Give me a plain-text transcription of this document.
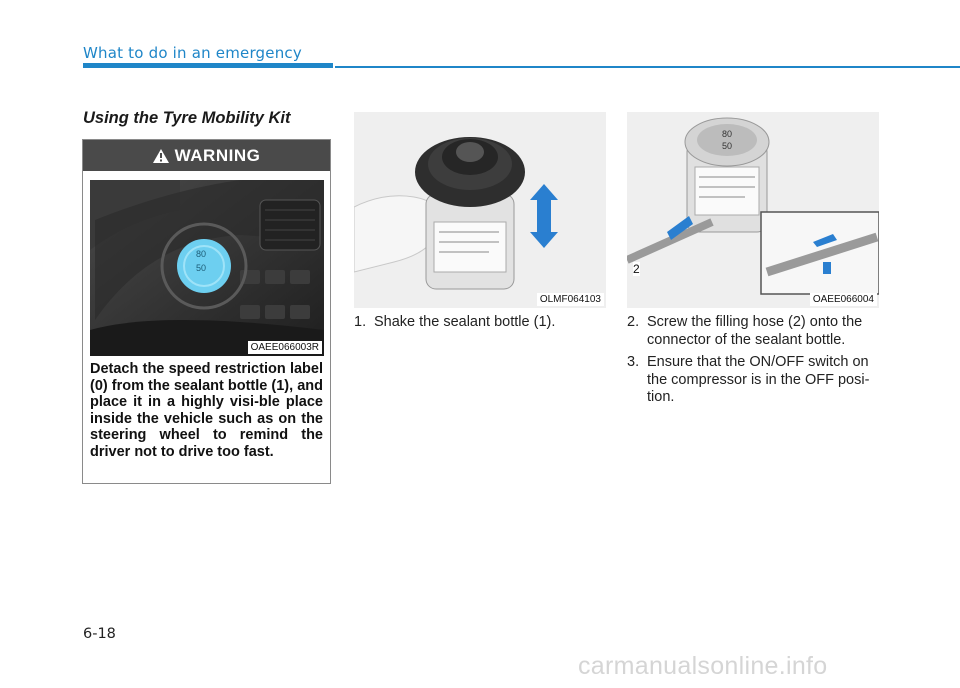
What to do in an emergency
Using the Tyre Mobility Kit
WARNING
80
50
OAEE066003R
Detach the speed restriction label (0) from the sealant bottle (1), and place it in a highly visi-ble place inside the vehicle such as on the steering wheel to remind the driver not to drive too fast.
OLMF064103
2
80
50
OAEE066004
1. Shake the sealant bottle (1).	2. Screw the filling hose (2) onto the connector of the sealant bottle.
3. Ensure that the ON/OFF switch on the compressor is in the OFF posi-tion.
6-18
carmanualsonline.info
